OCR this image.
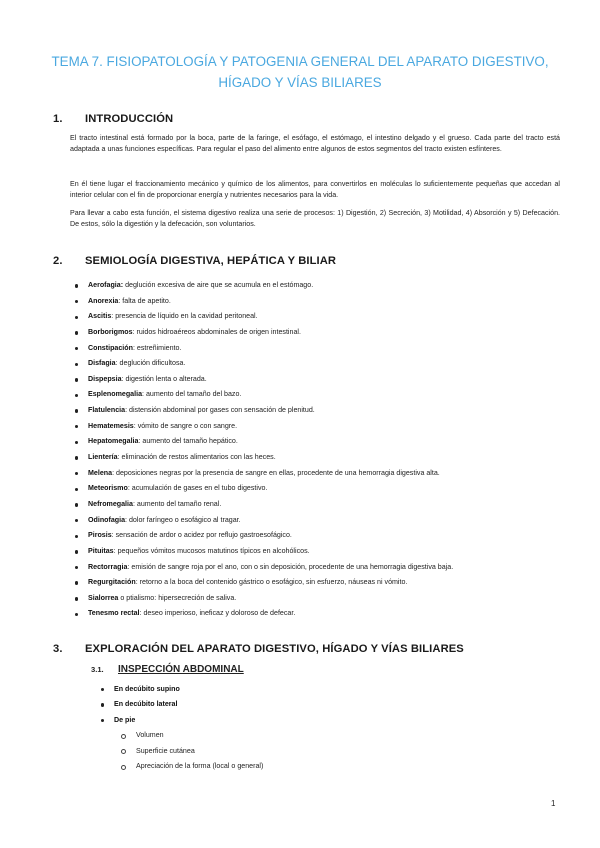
TEMA 7. FISIOPATOLOGÍA Y PATOGENIA GENERAL DEL APARATO DIGESTIVO,
HÍGADO Y VÍAS BILIARES
1. INTRODUCCIÓN

El tracto intestinal está formado por la boca, parte de la faringe, el esófago, el estómago, el intestino delgado y el grueso. Cada parte del tracto está adaptada a unas funciones específicas. Para regular el paso del alimento entre algunos de estos segmentos del tracto existen esfínteres.

En él tiene lugar el fraccionamiento mecánico y químico de los alimentos, para convertirlos en moléculas lo suficientemente pequeñas que accedan al interior celular con el fin de proporcionar energía y nutrientes necesarios para la vida.

Para llevar a cabo esta función, el sistema digestivo realiza una serie de procesos: 1) Digestión, 2) Secreción, 3) Motilidad, 4) Absorción y 5) Defecación. De estos, sólo la digestión y la defecación, son voluntarios.

2. SEMIOLOGÍA DIGESTIVA, HEPÁTICA Y BILIAR
Aerofagia: deglución excesiva de aire que se acumula en el estómago.
Anorexia: falta de apetito.
Ascitis: presencia de líquido en la cavidad peritoneal.
Borborigmos: ruidos hidroaéreos abdominales de origen intestinal.
Constipación: estreñimiento.
Disfagia: deglución dificultosa.
Dispepsia: digestión lenta o alterada.
Esplenomegalia: aumento del tamaño del bazo.
Flatulencia: distensión abdominal por gases con sensación de plenitud.
Hematemesis: vómito de sangre o con sangre.
Hepatomegalia: aumento del tamaño hepático.
Lientería: eliminación de restos alimentarios con las heces.
Melena: deposiciones negras por la presencia de sangre en ellas, procedente de una hemorragia digestiva alta.
Meteorismo: acumulación de gases en el tubo digestivo.
Nefromegalia: aumento del tamaño renal.
Odinofagia: dolor faríngeo o esofágico al tragar.
Pirosis: sensación de ardor o acidez por reflujo gastroesofágico.
Pituitas: pequeños vómitos mucosos matutinos típicos en alcohólicos.
Rectorragia: emisión de sangre roja por el ano, con o sin deposición, procedente de una hemorragia digestiva baja.
Regurgitación: retorno a la boca del contenido gástrico o esofágico, sin esfuerzo, náuseas ni vómito.
Sialorrea o ptialismo: hipersecreción de saliva.
Tenesmo rectal: deseo imperioso, ineficaz y doloroso de defecar.
3. EXPLORACIÓN DEL APARATO DIGESTIVO, HÍGADO Y VÍAS BILIARES
3.1. INSPECCIÓN ABDOMINAL
En decúbito supino
En decúbito lateral
De pie
Volumen
Superficie cutánea
Apreciación de la forma (local o general)
1
